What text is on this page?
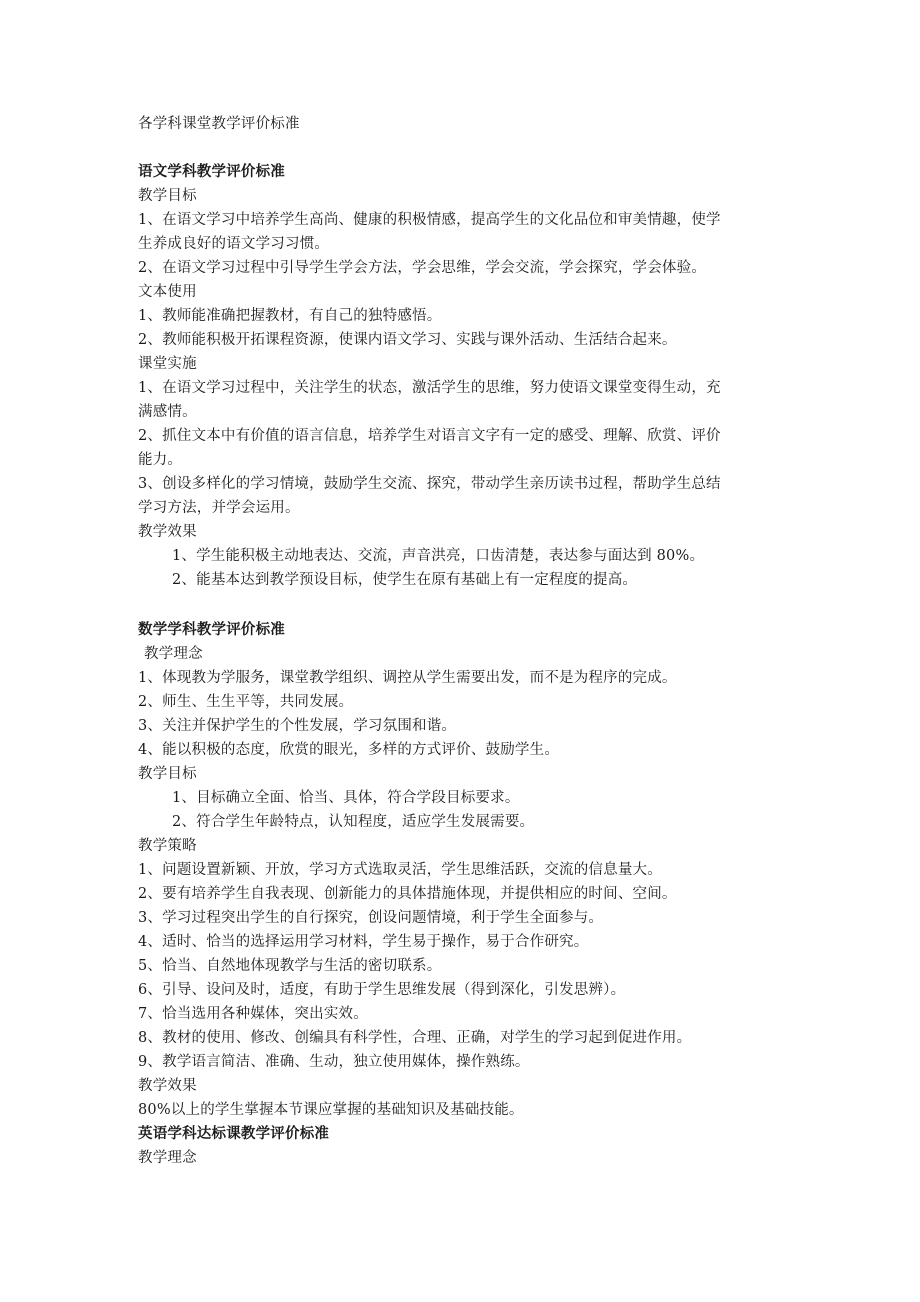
各学科课堂教学评价标准
语文学科教学评价标准
教学目标
1、在语文学习中培养学生高尚、健康的积极情感，提高学生的文化品位和审美情趣，使学
生养成良好的语文学习习惯。
2、在语文学习过程中引导学生学会方法，学会思维，学会交流，学会探究，学会体验。
文本使用
1、教师能准确把握教材，有自己的独特感悟。
2、教师能积极开拓课程资源，使课内语文学习、实践与课外活动、生活结合起来。
课堂实施
1、在语文学习过程中，关注学生的状态，激活学生的思维，努力使语文课堂变得生动，充
满感情。
2、抓住文本中有价值的语言信息，培养学生对语言文字有一定的感受、理解、欣赏、评价
能力。
3、创设多样化的学习情境，鼓励学生交流、探究，带动学生亲历读书过程，帮助学生总结
学习方法，并学会运用。
教学效果
1、学生能积极主动地表达、交流，声音洪亮，口齿清楚，表达参与面达到 80%。
2、能基本达到教学预设目标，使学生在原有基础上有一定程度的提高。
数学学科教学评价标准
教学理念
1、体现教为学服务，课堂教学组织、调控从学生需要出发，而不是为程序的完成。
2、师生、生生平等，共同发展。
3、关注并保护学生的个性发展，学习氛围和谐。
4、能以积极的态度，欣赏的眼光，多样的方式评价、鼓励学生。
教学目标
1、目标确立全面、恰当、具体，符合学段目标要求。
2、符合学生年龄特点，认知程度，适应学生发展需要。
教学策略
1、问题设置新颖、开放，学习方式选取灵活，学生思维活跃，交流的信息量大。
2、要有培养学生自我表现、创新能力的具体措施体现，并提供相应的时间、空间。
3、学习过程突出学生的自行探究，创设问题情境，利于学生全面参与。
4、适时、恰当的选择运用学习材料，学生易于操作，易于合作研究。
5、恰当、自然地体现教学与生活的密切联系。
6、引导、设问及时，适度，有助于学生思维发展（得到深化，引发思辨）。
7、恰当选用各种媒体，突出实效。
8、教材的使用、修改、创编具有科学性，合理、正确，对学生的学习起到促进作用。
9、教学语言简洁、准确、生动，独立使用媒体，操作熟练。
教学效果
80%以上的学生掌握本节课应掌握的基础知识及基础技能。
英语学科达标课教学评价标准
教学理念
